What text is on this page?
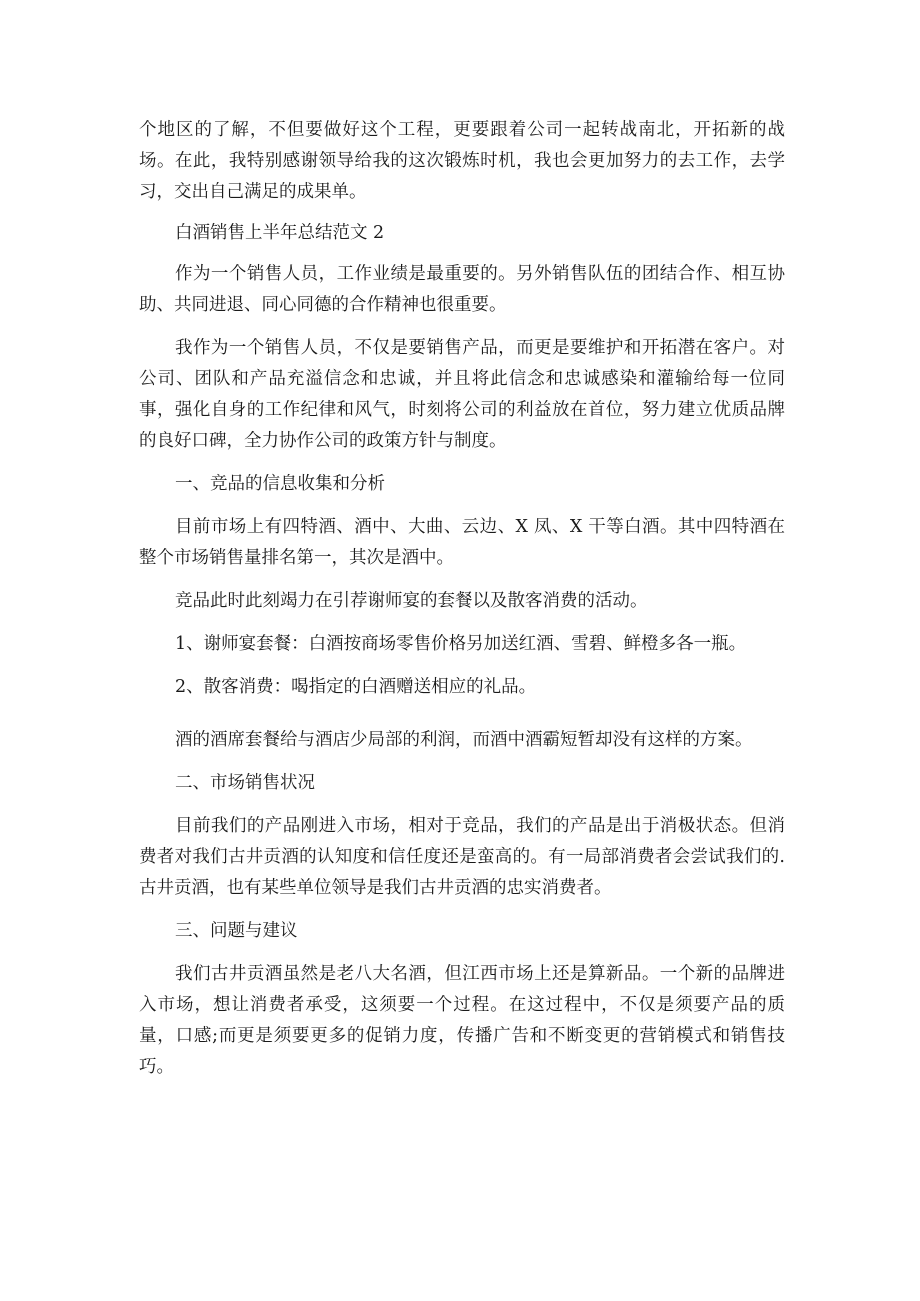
个地区的了解，不但要做好这个工程，更要跟着公司一起转战南北，开拓新的战场。在此，我特别感谢领导给我的这次锻炼时机，我也会更加努力的去工作，去学习，交出自己满足的成果单。

白酒销售上半年总结范文 2

作为一个销售人员，工作业绩是最重要的。另外销售队伍的团结合作、相互协助、共同进退、同心同德的合作精神也很重要。

我作为一个销售人员，不仅是要销售产品，而更是要维护和开拓潜在客户。对公司、团队和产品充溢信念和忠诚，并且将此信念和忠诚感染和灌输给每一位同事，强化自身的工作纪律和风气，时刻将公司的利益放在首位，努力建立优质品牌的良好口碑，全力协作公司的政策方针与制度。

一、竞品的信息收集和分析

目前市场上有四特酒、酒中、大曲、云边、X 凤、X 干等白酒。其中四特酒在整个市场销售量排名第一，其次是酒中。

竞品此时此刻竭力在引荐谢师宴的套餐以及散客消费的活动。

1、谢师宴套餐：白酒按商场零售价格另加送红酒、雪碧、鲜橙多各一瓶。

2、散客消费：喝指定的白酒赠送相应的礼品。

酒的酒席套餐给与酒店少局部的利润，而酒中酒霸短暂却没有这样的方案。

二、市场销售状况

目前我们的产品刚进入市场，相对于竞品，我们的产品是出于消极状态。但消费者对我们古井贡酒的认知度和信任度还是蛮高的。有一局部消费者会尝试我们的. 古井贡酒，也有某些单位领导是我们古井贡酒的忠实消费者。

三、问题与建议

我们古井贡酒虽然是老八大名酒，但江西市场上还是算新品。一个新的品牌进入市场，想让消费者承受，这须要一个过程。在这过程中，不仅是须要产品的质量，口感;而更是须要更多的促销力度，传播广告和不断变更的营销模式和销售技巧。
